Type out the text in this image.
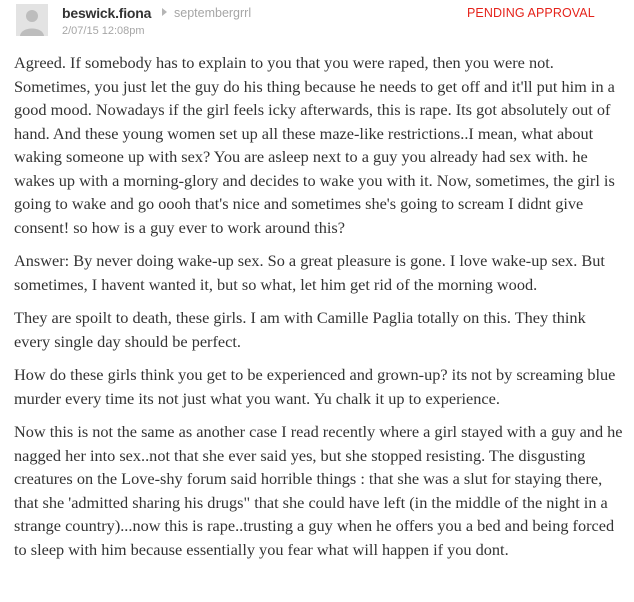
beswick.fiona	septembergrrl
2/07/15 12:08pm
PENDING APPROVAL

Agreed. If somebody has to explain to you that you were raped, then you were not. Sometimes, you just let the guy do his thing because he needs to get off and it'll put him in a good mood. Nowadays if the girl feels icky afterwards, this is rape. Its got absolutely out of hand. And these young women set up all these maze-like restrictions..I mean, what about waking someone up with sex? You are asleep next to a guy you already had sex with. he wakes up with a morning-glory and decides to wake you with it. Now, sometimes, the girl is going to wake and go oooh that's nice and sometimes she's going to scream I didnt give consent! so how is a guy ever to work around this?

Answer: By never doing wake-up sex. So a great pleasure is gone. I love wake-up sex. But sometimes, I havent wanted it, but so what, let him get rid of the morning wood.

They are spoilt to death, these girls. I am with Camille Paglia totally on this. They think every single day should be perfect.

How do these girls think you get to be experienced and grown-up? its not by screaming blue murder every time its not just what you want. Yu chalk it up to experience.

Now this is not the same as another case I read recently where a girl stayed with a guy and he nagged her into sex..not that she ever said yes, but she stopped resisting. The disgusting creatures on the Love-shy forum said horrible things : that she was a slut for staying there, that she 'admitted sharing his drugs" that she could have left (in the middle of the night in a strange country)...now this is rape..trusting a guy when he offers you a bed and being forced to sleep with him because essentially you fear what will happen if you dont.
